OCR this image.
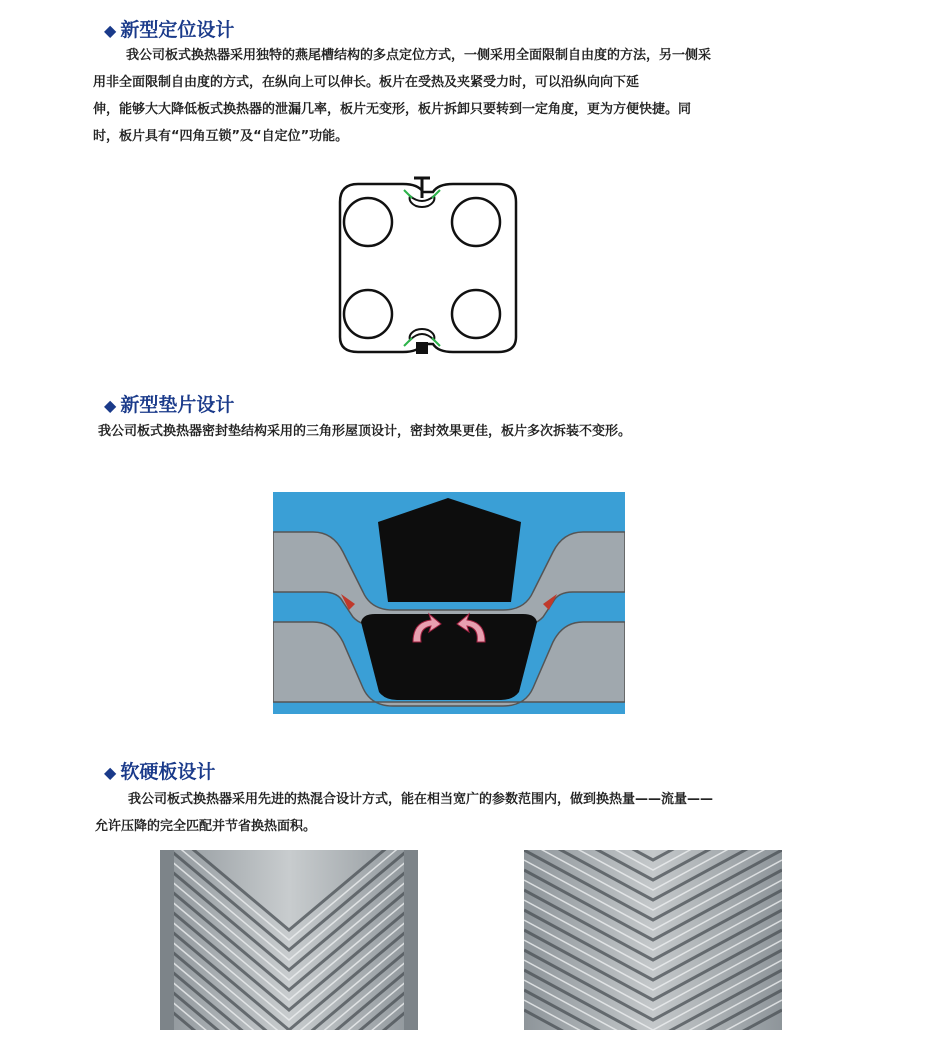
◆ 新型定位设计
我公司板式换热器采用独特的燕尾槽结构的多点定位方式，一侧采用全面限制自由度的方法，另一侧采
用非全面限制自由度的方式，在纵向上可以伸长。板片在受热及夹紧受力时，可以沿纵向向下延
伸，能够大大降低板式换热器的泄漏几率，板片无变形，板片拆卸只要转到一定角度，更为方便快捷。同
时，板片具有“四角互锁”及“自定位”功能。
◆ 新型垫片设计
我公司板式换热器密封垫结构采用的三角形屋顶设计，密封效果更佳，板片多次拆装不变形。
◆ 软硬板设计
我公司板式换热器采用先进的热混合设计方式，能在相当宽广的参数范围内，做到换热量——流量——
允许压降的完全匹配并节省换热面积。
